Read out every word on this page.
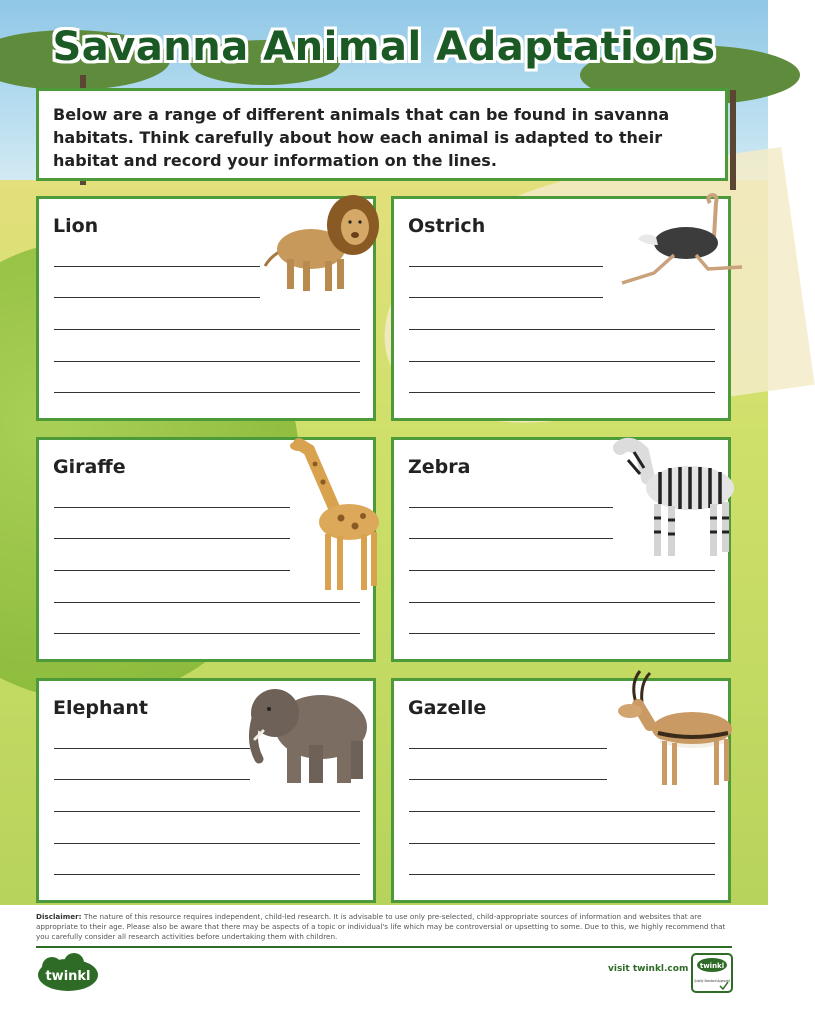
Savanna Animal Adaptations
Below are a range of different animals that can be found in savanna habitats. Think carefully about how each animal is adapted to their habitat and record your information on the lines.
Lion	Ostrich
Giraffe	Zebra
Elephant	Gazelle
Disclaimer: The nature of this resource requires independent, child-led research. It is advisable to use only pre-selected, child-appropriate sources of information and websites that are appropriate to their age. Please also be aware that there may be aspects of a topic or individual's life which may be controversial or upsetting to some. Due to this, we highly recommend that you carefully consider all research activities before undertaking them with children.
twinkl	visit twinkl.com twinkl
Quality Standard Approved
